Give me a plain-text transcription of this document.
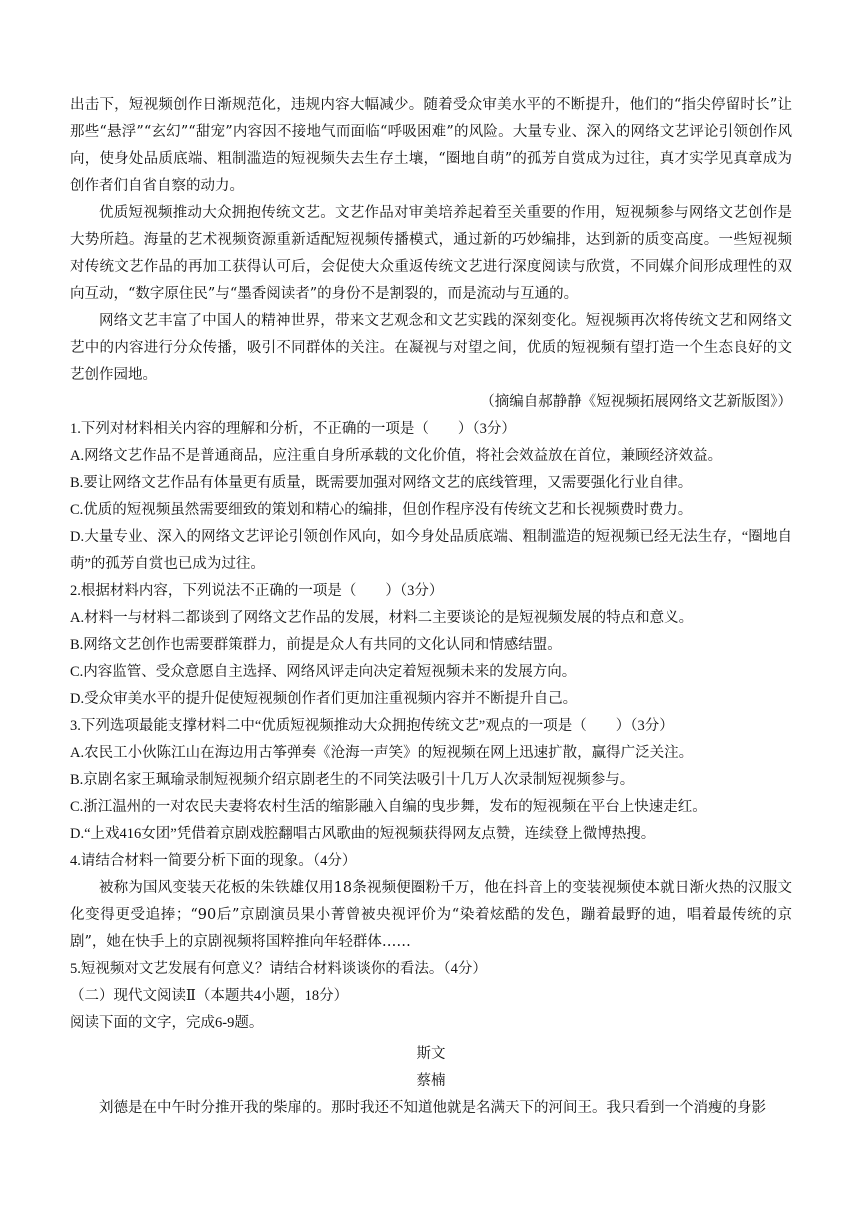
出击下，短视频创作日渐规范化，违规内容大幅减少。随着受众审美水平的不断提升，他们的“指尖停留时长”让那些“悬浮”“玄幻”“甜宠”内容因不接地气而面临“呼吸困难”的风险。大量专业、深入的网络文艺评论引领创作风向，使身处品质底端、粗制滥造的短视频失去生存土壤，“圈地自萌”的孤芳自赏成为过往，真才实学见真章成为创作者们自省自察的动力。

优质短视频推动大众拥抱传统文艺。文艺作品对审美培养起着至关重要的作用，短视频参与网络文艺创作是大势所趋。海量的艺术视频资源重新适配短视频传播模式，通过新的巧妙编排，达到新的质变高度。一些短视频对传统文艺作品的再加工获得认可后，会促使大众重返传统文艺进行深度阅读与欣赏，不同媒介间形成理性的双向互动，“数字原住民”与“墨香阅读者”的身份不是割裂的，而是流动与互通的。

网络文艺丰富了中国人的精神世界，带来文艺观念和文艺实践的深刻变化。短视频再次将传统文艺和网络文艺中的内容进行分众传播，吸引不同群体的关注。在凝视与对望之间，优质的短视频有望打造一个生态良好的文艺创作园地。

（摘编自郝静静《短视频拓展网络文艺新版图》）

1.下列对材料相关内容的理解和分析，不正确的一项是（　　）（3分）

A.网络文艺作品不是普通商品，应注重自身所承载的文化价值，将社会效益放在首位，兼顾经济效益。

B.要让网络文艺作品有体量更有质量，既需要加强对网络文艺的底线管理，又需要强化行业自律。

C.优质的短视频虽然需要细致的策划和精心的编排，但创作程序没有传统文艺和长视频费时费力。

D.大量专业、深入的网络文艺评论引领创作风向，如今身处品质底端、粗制滥造的短视频已经无法生存，“圈地自萌”的孤芳自赏也已成为过往。

2.根据材料内容，下列说法不正确的一项是（　　）（3分）

A.材料一与材料二都谈到了网络文艺作品的发展，材料二主要谈论的是短视频发展的特点和意义。

B.网络文艺创作也需要群策群力，前提是众人有共同的文化认同和情感结盟。

C.内容监管、受众意愿自主选择、网络风评走向决定着短视频未来的发展方向。

D.受众审美水平的提升促使短视频创作者们更加注重视频内容并不断提升自己。

3.下列选项最能支撑材料二中“优质短视频推动大众拥抱传统文艺”观点的一项是（　　）（3分）

A.农民工小伙陈江山在海边用古筝弹奏《沧海一声笑》的短视频在网上迅速扩散，赢得广泛关注。

B.京剧名家王珮瑜录制短视频介绍京剧老生的不同笑法吸引十几万人次录制短视频参与。

C.浙江温州的一对农民夫妻将农村生活的缩影融入自编的曳步舞，发布的短视频在平台上快速走红。

D.“上戏416女团”凭借着京剧戏腔翻唱古风歌曲的短视频获得网友点赞，连续登上微博热搜。

4.请结合材料一简要分析下面的现象。（4分）

被称为国风变装天花板的朱铁雄仅用18条视频便圈粉千万，他在抖音上的变装视频使本就日渐火热的汉服文化变得更受追捧；“90后”京剧演员果小菁曾被央视评价为“染着炫酷的发色，蹦着最野的迪，唱着最传统的京剧”，她在快手上的京剧视频将国粹推向年轻群体……

5.短视频对文艺发展有何意义？请结合材料谈谈你的看法。（4分）

（二）现代文阅读Ⅱ（本题共4小题，18分）

阅读下面的文字，完成6-9题。

斯文

蔡楠

刘德是在中午时分推开我的柴扉的。那时我还不知道他就是名满天下的河间王。我只看到一个消瘦的身影
